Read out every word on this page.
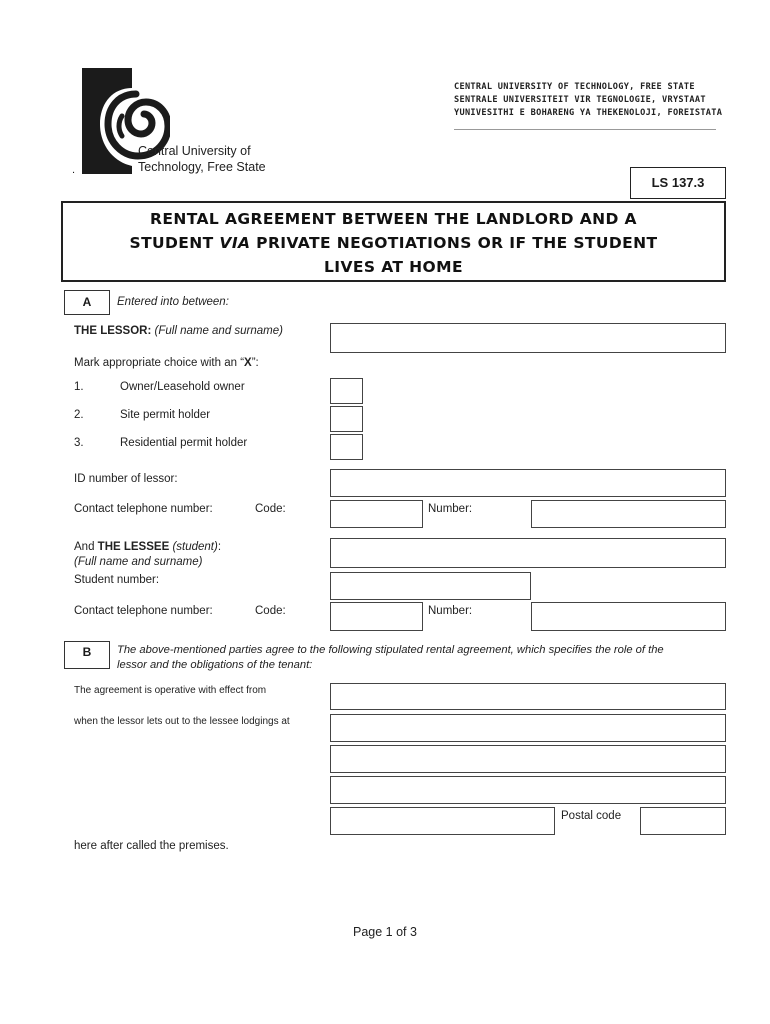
Central University of
Technology, Free State
.
CENTRAL UNIVERSITY OF TECHNOLOGY, FREE STATE
SENTRALE UNIVERSITEIT VIR TEGNOLOGIE, VRYSTAAT
YUNIVESITHI E BOHARENG YA THEKENOLOJI, FOREISTATA
LS 137.3
RENTAL AGREEMENT BETWEEN THE LANDLORD AND A
STUDENT VIA PRIVATE NEGOTIATIONS OR IF THE STUDENT
LIVES AT HOME
A	Entered into between:
THE LESSOR: (Full name and surname)
Mark appropriate choice with an “X”:
1.	Owner/Leasehold owner
2.	Site permit holder
3.	Residential permit holder
ID number of lessor:
Contact telephone number:	Code:	Number:
And THE LESSEE (student):
(Full name and surname)
Student number:
Contact telephone number:	Code:	Number:
B	The above-mentioned parties agree to the following stipulated rental agreement, which specifies the role of the
lessor and the obligations of the tenant:
The agreement is operative with effect from
when the lessor lets out to the lessee lodgings at
Postal code
here after called the premises.
Page 1 of 3
